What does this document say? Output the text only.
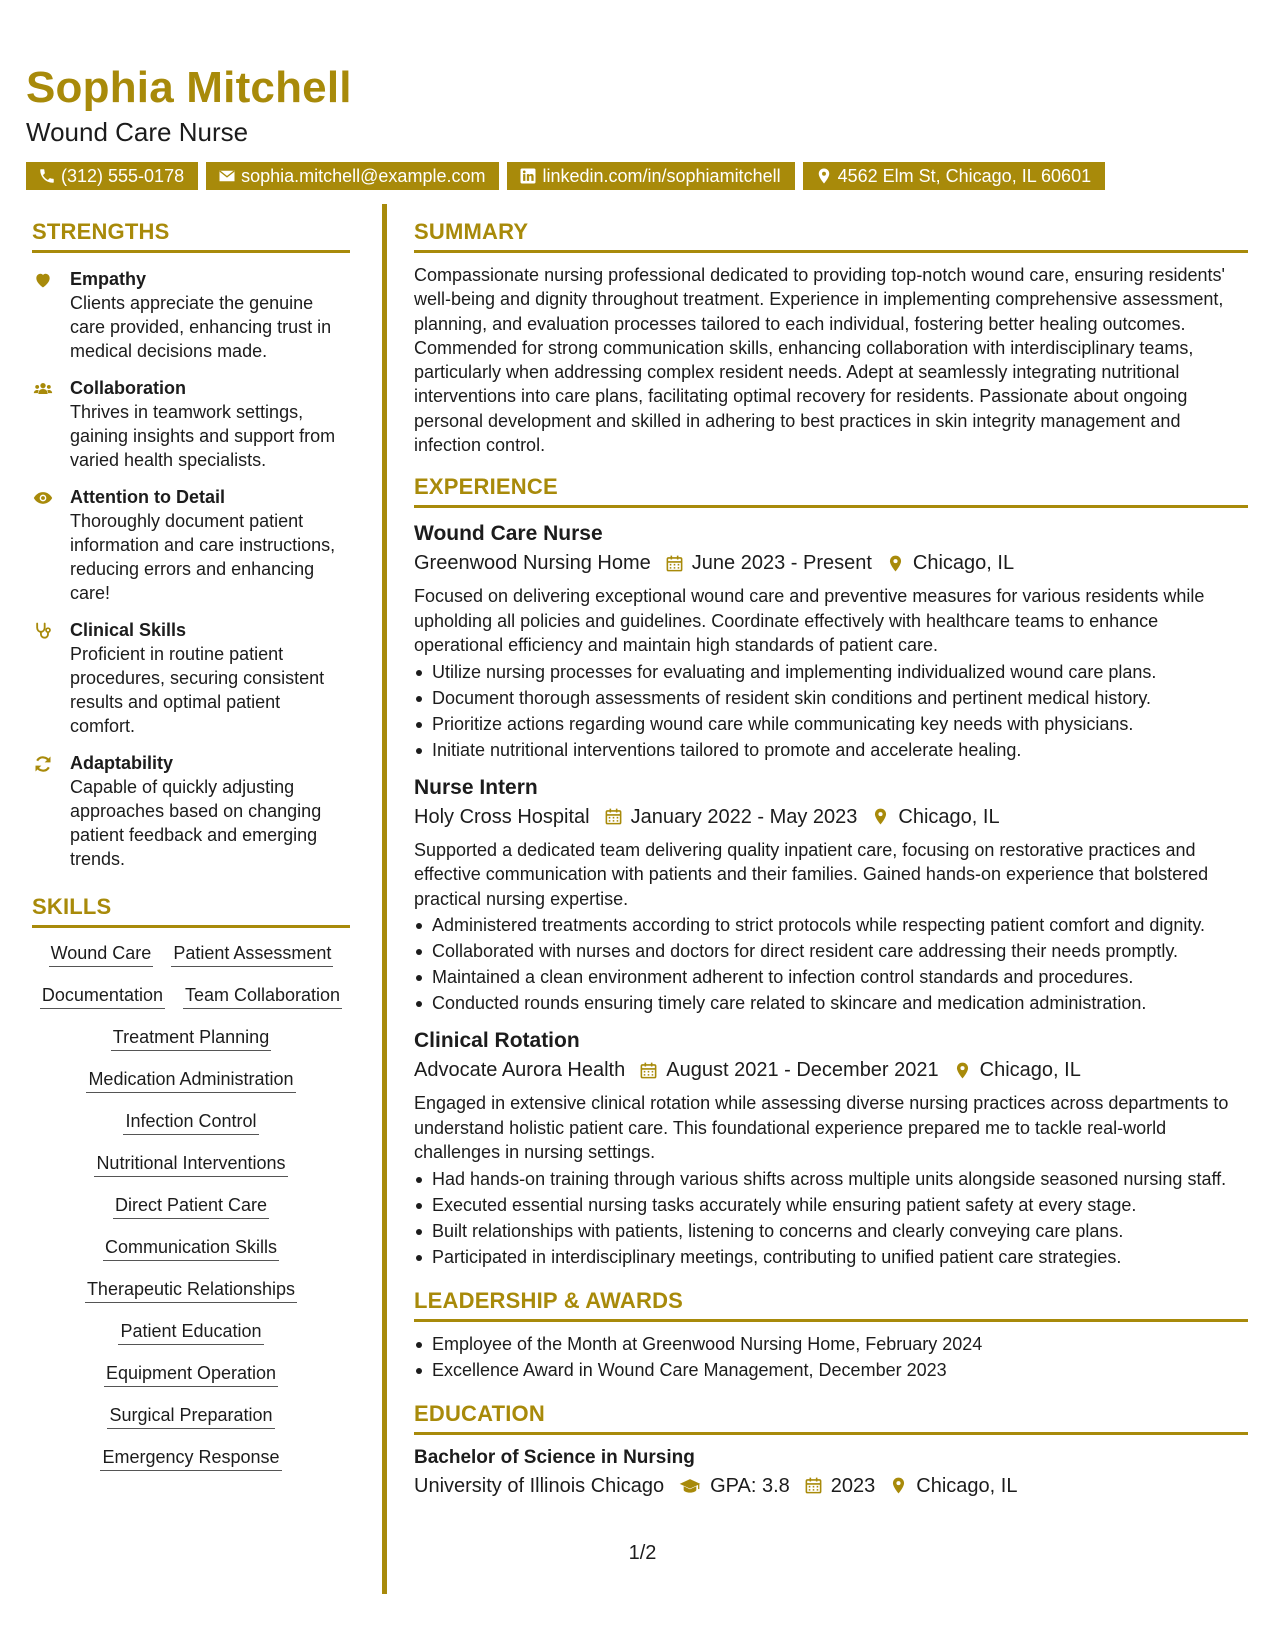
Sophia Mitchell
Wound Care Nurse
(312) 555-0178	sophia.mitchell@example.com	linkedin.com/in/sophiamitchell	4562 Elm St, Chicago, IL 60601
STRENGTHS
Empathy
Clients appreciate the genuine care provided, enhancing trust in medical decisions made.
Collaboration
Thrives in teamwork settings, gaining insights and support from varied health specialists.
Attention to Detail
Thoroughly document patient information and care instructions, reducing errors and enhancing care!
Clinical Skills
Proficient in routine patient procedures, securing consistent results and optimal patient comfort.
Adaptability
Capable of quickly adjusting approaches based on changing patient feedback and emerging trends.
SKILLS
Wound Care Patient Assessment
Documentation Team Collaboration
Treatment Planning
Medication Administration
Infection Control
Nutritional Interventions
Direct Patient Care
Communication Skills
Therapeutic Relationships
Patient Education
Equipment Operation
Surgical Preparation
Emergency Response
SUMMARY
Compassionate nursing professional dedicated to providing top-notch wound care, ensuring residents' well-being and dignity throughout treatment. Experience in implementing comprehensive assessment, planning, and evaluation processes tailored to each individual, fostering better healing outcomes. Commended for strong communication skills, enhancing collaboration with interdisciplinary teams, particularly when addressing complex resident needs. Adept at seamlessly integrating nutritional interventions into care plans, facilitating optimal recovery for residents. Passionate about ongoing personal development and skilled in adhering to best practices in skin integrity management and infection control.
EXPERIENCE
Wound Care Nurse
Greenwood Nursing Home June 2023 - Present Chicago, IL
Focused on delivering exceptional wound care and preventive measures for various residents while upholding all policies and guidelines. Coordinate effectively with healthcare teams to enhance operational efficiency and maintain high standards of patient care.
Utilize nursing processes for evaluating and implementing individualized wound care plans.
Document thorough assessments of resident skin conditions and pertinent medical history.
Prioritize actions regarding wound care while communicating key needs with physicians.
Initiate nutritional interventions tailored to promote and accelerate healing.
Nurse Intern
Holy Cross Hospital January 2022 - May 2023 Chicago, IL
Supported a dedicated team delivering quality inpatient care, focusing on restorative practices and effective communication with patients and their families. Gained hands-on experience that bolstered practical nursing expertise.
Administered treatments according to strict protocols while respecting patient comfort and dignity.
Collaborated with nurses and doctors for direct resident care addressing their needs promptly.
Maintained a clean environment adherent to infection control standards and procedures.
Conducted rounds ensuring timely care related to skincare and medication administration.
Clinical Rotation
Advocate Aurora Health August 2021 - December 2021 Chicago, IL
Engaged in extensive clinical rotation while assessing diverse nursing practices across departments to understand holistic patient care. This foundational experience prepared me to tackle real-world challenges in nursing settings.
Had hands-on training through various shifts across multiple units alongside seasoned nursing staff.
Executed essential nursing tasks accurately while ensuring patient safety at every stage.
Built relationships with patients, listening to concerns and clearly conveying care plans.
Participated in interdisciplinary meetings, contributing to unified patient care strategies.
LEADERSHIP & AWARDS
Employee of the Month at Greenwood Nursing Home, February 2024
Excellence Award in Wound Care Management, December 2023
EDUCATION
Bachelor of Science in Nursing
University of Illinois Chicago GPA: 3.8 2023 Chicago, IL
1/2
